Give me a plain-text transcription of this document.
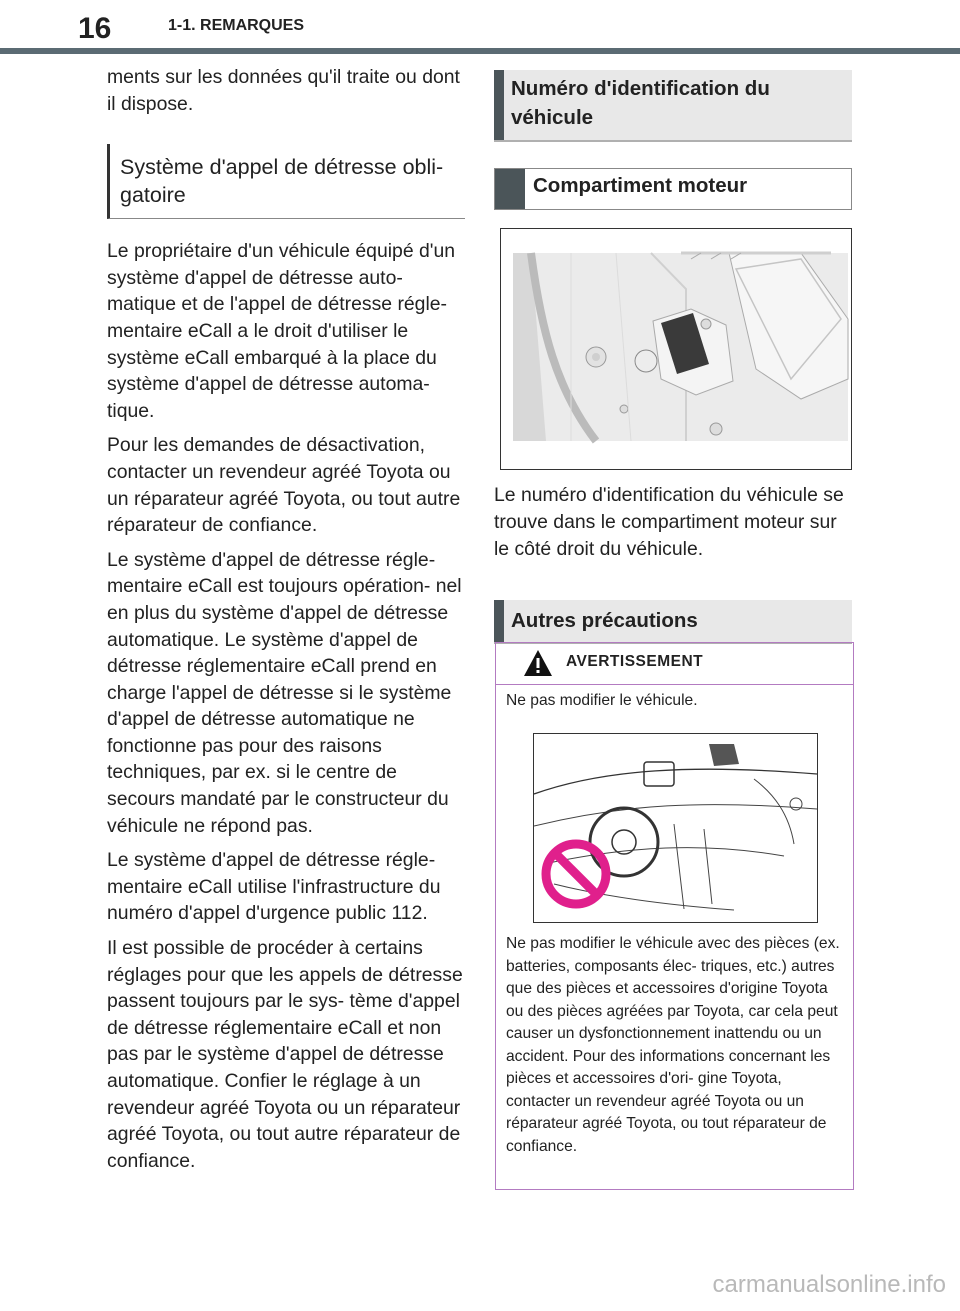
16	1-1. REMARQUES

ments sur les données qu'il traite ou dont il dispose.

Système d'appel de détresse obli- gatoire

Le propriétaire d'un véhicule équipé d'un système d'appel de détresse auto- matique et de l'appel de détresse régle- mentaire eCall a le droit d'utiliser le système eCall embarqué à la place du système d'appel de détresse automa- tique.

Pour les demandes de désactivation, contacter un revendeur agréé Toyota ou un réparateur agréé Toyota, ou tout autre réparateur de confiance.

Le système d'appel de détresse régle- mentaire eCall est toujours opération- nel en plus du système d'appel de détresse automatique. Le système d'appel de détresse réglementaire eCall prend en charge l'appel de détresse si le système d'appel de détresse automatique ne fonctionne pas pour des raisons techniques, par ex. si le centre de secours mandaté par le constructeur du véhicule ne répond pas.

Le système d'appel de détresse régle- mentaire eCall utilise l'infrastructure du numéro d'appel d'urgence public 112.

Il est possible de procéder à certains réglages pour que les appels de détresse passent toujours par le sys- tème d'appel de détresse réglementaire eCall et non pas par le système d'appel de détresse automatique. Confier le réglage à un revendeur agréé Toyota ou un réparateur agréé Toyota, ou tout autre réparateur de confiance.

Numéro d'identification du véhicule
Compartiment moteur

Le numéro d'identification du véhicule se trouve dans le compartiment moteur sur le côté droit du véhicule.

Autres précautions
AVERTISSEMENT
Ne pas modifier le véhicule.
Ne pas modifier le véhicule avec des pièces (ex. batteries, composants élec- triques, etc.) autres que des pièces et accessoires d'origine Toyota ou des pièces agréées par Toyota, car cela peut causer un dysfonctionnement inattendu ou un accident. Pour des informations concernant les pièces et accessoires d'ori- gine Toyota, contacter un revendeur agréé Toyota ou un réparateur agréé Toyota, ou tout réparateur de confiance.
carmanualsonline.info
